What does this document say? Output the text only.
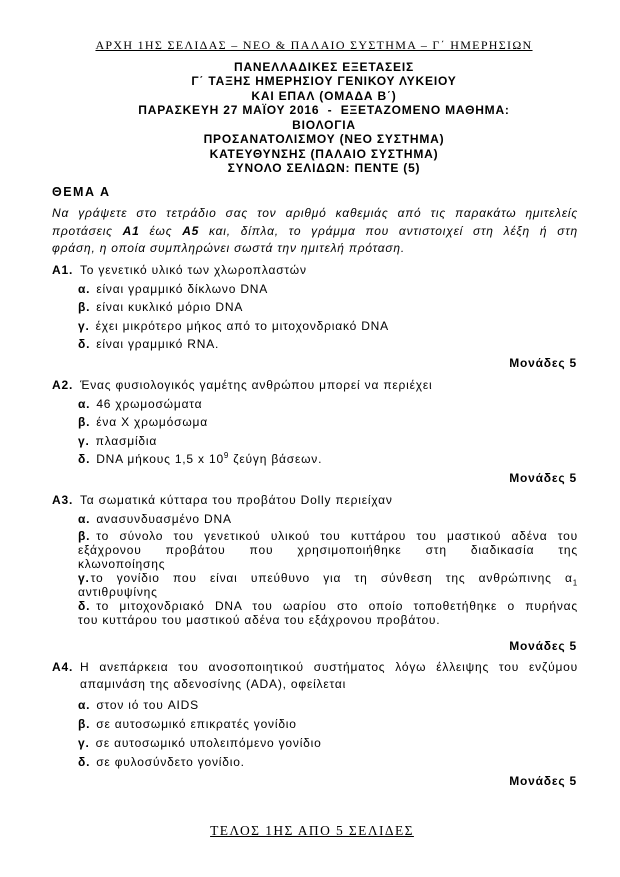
ΑΡΧΗ 1ΗΣ ΣΕΛΙΔΑΣ – ΝΕΟ & ΠΑΛΑΙΟ ΣΥΣΤΗΜΑ – Γ΄ ΗΜΕΡΗΣΙΩΝ
ΠΑΝΕΛΛΑΔΙΚΕΣ ΕΞΕΤΑΣΕΙΣ
Γ΄ ΤΑΞΗΣ ΗΜΕΡΗΣΙΟΥ ΓΕΝΙΚΟΥ ΛΥΚΕΙΟΥ
ΚΑΙ ΕΠΑΛ (ΟΜΑΔΑ Β΄)
ΠΑΡΑΣΚΕΥΗ 27 ΜΑΪΟΥ 2016  -  ΕΞΕΤΑΖΟΜΕΝΟ ΜΑΘΗΜΑ:
ΒΙΟΛΟΓΙΑ
ΠΡΟΣΑΝΑΤΟΛΙΣΜΟΥ (ΝΕΟ ΣΥΣΤΗΜΑ)
ΚΑΤΕΥΘΥΝΣΗΣ (ΠΑΛΑΙΟ ΣΥΣΤΗΜΑ)
ΣΥΝΟΛΟ ΣΕΛΙΔΩΝ: ΠΕΝΤΕ (5)
ΘΕΜΑ Α
Να γράψετε στο τετράδιο σας τον αριθμό καθεμιάς από τις παρακάτω ημιτελείς
προτάσεις Α1 έως Α5 και, δίπλα, το γράμμα που αντιστοιχεί στη λέξη ή στη
φράση, η οποία συμπληρώνει σωστά την ημιτελή πρόταση.
Α1. Το γενετικό υλικό των χλωροπλαστών
α. είναι γραμμικό δίκλωνο DNA
β. είναι κυκλικό μόριο DNA
γ. έχει μικρότερο μήκος από το μιτοχονδριακό DNA
δ. είναι γραμμικό RNA.
Μονάδες 5
Α2. Ένας φυσιολογικός γαμέτης ανθρώπου μπορεί να περιέχει
α. 46 χρωμοσώματα
β. ένα X χρωμόσωμα
γ. πλασμίδια
δ. DNA μήκους 1,5 x $10^9$ ζεύγη βάσεων.
Μονάδες 5
Α3. Τα σωματικά κύτταρα του προβάτου Dolly περιείχαν
α. ανασυνδυασμένο DNA
β. το σύνολο του γενετικού υλικού του κυττάρου του μαστικού αδένα του
εξάχρονου προβάτου που χρησιμοποιήθηκε στη διαδικασία της
κλωνοποίησης
γ.το γονίδιο που είναι υπεύθυνο για τη σύνθεση της ανθρώπινης $\alpha_1$
αντιθρυψίνης
δ. το μιτοχονδριακό DNA του ωαρίου στο οποίο τοποθετήθηκε ο πυρήνας
του κυττάρου του μαστικού αδένα του εξάχρονου προβάτου.
Μονάδες 5
Α4. Η ανεπάρκεια του ανοσοποιητικού συστήματος λόγω έλλειψης του ενζύμου
απαμινάση της αδενοσίνης (ADA), οφείλεται
α. στον ιό του AIDS
β. σε αυτοσωμικό επικρατές γονίδιο
γ. σε αυτοσωμικό υπολειπόμενο γονίδιο
δ. σε φυλοσύνδετο γονίδιο.
Μονάδες 5
ΤΕΛΟΣ 1ΗΣ ΑΠΟ 5 ΣΕΛΙΔΕΣ
